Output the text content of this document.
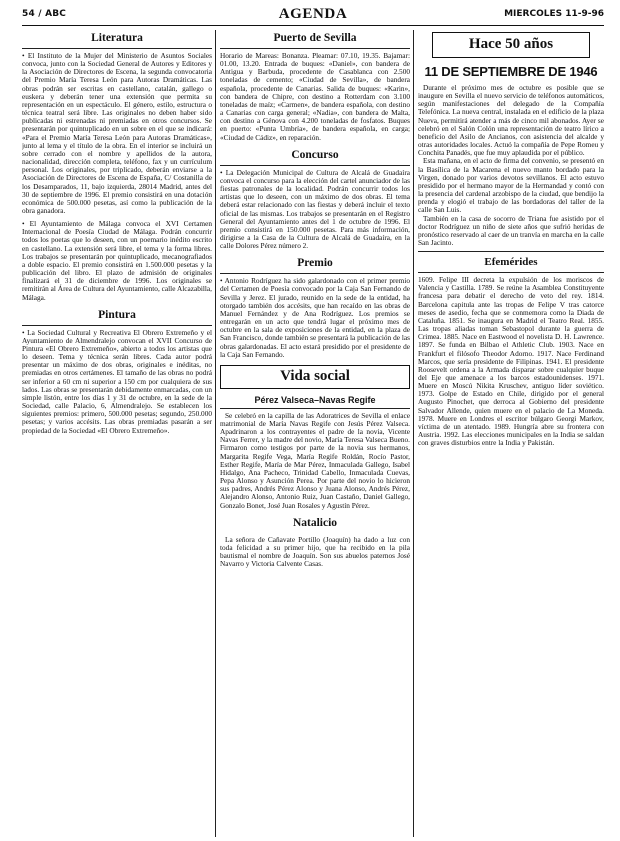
54 / ABC	AGENDA	MIERCOLES 11-9-96
Literatura

• El Instituto de la Mujer del Ministerio de Asuntos Sociales convoca, junto con la Sociedad General de Autores y Editores y la Asociación de Directores de Escena, la segunda convocatoria del Premio María Teresa León para Autoras Dramáticas. Las obras podrán ser escritas en castellano, catalán, gallego o euskera y deberán tener una extensión que permita su representación en un espectáculo. El género, estilo, estructura o técnica teatral será libre. Las originales no deben haber sido publicadas ni estrenadas ni premiadas en otros concursos. Se presentarán por quintuplicado en un sobre en el que se indicará: «Para el Premio María Teresa León para Autoras Dramáticas», junto al lema y el título de la obra. En el interior se incluirá un sobre cerrado con el nombre y apellidos de la autora, nacionalidad, dirección completa, teléfono, fax y un currículum personal. Los originales, por triplicado, deberán enviarse a la Asociación de Directores de Escena de España, C/ Costanilla de los Desamparados, 11, bajo izquierda, 28014 Madrid, antes del 30 de septiembre de 1996. El premio consistirá en una dotación económica de 500.000 pesetas, así como la publicación de la obra ganadora.

• El Ayuntamiento de Málaga convoca el XVI Certamen Internacional de Poesía Ciudad de Málaga. Podrán concurrir todos los poetas que lo deseen, con un poemario inédito escrito en castellano. La extensión será libre, el tema y la forma libres. Los trabajos se presentarán por quintuplicado, mecanografiados a doble espacio. El premio consistirá en 1.500.000 pesetas y la publicación del libro. El plazo de admisión de originales finalizará el 31 de diciembre de 1996. Los originales se remitirán al Área de Cultura del Ayuntamiento, calle Alcazabilla, Málaga.

Pintura

• La Sociedad Cultural y Recreativa El Obrero Extremeño y el Ayuntamiento de Almendralejo convocan el XVII Concurso de Pintura «El Obrero Extremeño», abierto a todos los artistas que lo deseen. Tema y técnica serán libres. Cada autor podrá presentar un máximo de dos obras, originales e inéditas, no premiadas en otros certámenes. El tamaño de las obras no podrá ser inferior a 60 cm ni superior a 150 cm por cualquiera de sus lados. Las obras se presentarán debidamente enmarcadas, con un simple listón, entre los días 1 y 31 de octubre, en la sede de la Sociedad, calle Palacio, 6, Almendralejo. Se establecen los siguientes premios: primero, 500.000 pesetas; segundo, 250.000 pesetas; y varios accésits. Las obras premiadas pasarán a ser propiedad de la Sociedad «El Obrero Extremeño».

Puerto de Sevilla

Horario de Mareas: Bonanza. Pleamar: 07.10, 19.35. Bajamar: 01.00, 13.20. Entrada de buques: «Daniel», con bandera de Antigua y Barbuda, procedente de Casablanca con 2.500 toneladas de cemento; «Ciudad de Sevilla», de bandera española, procedente de Canarias. Salida de buques: «Karin», con bandera de Chipre, con destino a Rotterdam con 3.100 toneladas de maíz; «Carmen», de bandera española, con destino a Canarias con carga general; «Nadia», con bandera de Malta, con destino a Génova con 4.200 toneladas de fosfatos. Buques en puerto: «Punta Umbría», de bandera española, en carga; «Ciudad de Cádiz», en reparación.

Concurso

• La Delegación Municipal de Cultura de Alcalá de Guadaíra convoca el concurso para la elección del cartel anunciador de las fiestas patronales de la localidad. Podrán concurrir todos los artistas que lo deseen, con un máximo de dos obras. El tema deberá estar relacionado con las fiestas y deberá incluir el texto oficial de las mismas. Los trabajos se presentarán en el Registro General del Ayuntamiento antes del 1 de octubre de 1996. El premio consistirá en 150.000 pesetas. Para más información, dirigirse a la Casa de la Cultura de Alcalá de Guadaíra, en la calle Dolores Pérez número 2.

Premio

• Antonio Rodríguez ha sido galardonado con el primer premio del Certamen de Poesía convocado por la Caja San Fernando de Sevilla y Jerez. El jurado, reunido en la sede de la entidad, ha otorgado también dos accésits, que han recaído en las obras de Manuel Fernández y de Ana Rodríguez. Los premios se entregarán en un acto que tendrá lugar el próximo mes de octubre en la sala de exposiciones de la entidad, en la plaza de San Francisco, donde también se presentará la publicación de las obras galardonadas. El acto estará presidido por el presidente de la Caja San Fernando.

Vida social
Pérez Valseca–Navas Regife

Se celebró en la capilla de las Adoratrices de Sevilla el enlace matrimonial de María Navas Regife con Jesús Pérez Valseca. Apadrinaron a los contrayentes el padre de la novia, Vicente Navas Ferrer, y la madre del novio, María Teresa Valseca Bueno. Firmaron como testigos por parte de la novia sus hermanos, Margarita Regife Vega, María Regife Roldán, Rocío Pastor, Esther Regife, María de Mar Pérez, Inmaculada Gallego, Isabel Hidalgo, Ana Pacheco, Trinidad Cabello, Inmaculada Cuevas, Pepa Alonso y Asunción Perea. Por parte del novio lo hicieron sus padres, Andrés Pérez Alonso y Juana Alonso, Andrés Pérez, Alejandro Alonso, Antonio Ruiz, Juan Castaño, Daniel Gallego, Gonzalo Bonet, José Juan Rosales y Agustín Pérez.

Natalicio

La señora de Cañavate Portillo (Joaquín) ha dado a luz con toda felicidad a su primer hijo, que ha recibido en la pila bautismal el nombre de Joaquín. Son sus abuelos paternos José Navarro y Victoria Calvente Casas.

Hace 50 años
11 DE SEPTIEMBRE DE 1946

Durante el próximo mes de octubre es posible que se inaugure en Sevilla el nuevo servicio de teléfonos automáticos, según manifestaciones del delegado de la Compañía Telefónica. La nueva central, instalada en el edificio de la plaza Nueva, permitirá atender a más de cinco mil abonados. Ayer se celebró en el Salón Colón una representación de teatro lírico a beneficio del Asilo de Ancianos, con asistencia del alcalde y otras autoridades locales. Actuó la compañía de Pepe Romeu y Conchita Panadés, que fue muy aplaudida por el público.

Esta mañana, en el acto de firma del convenio, se presentó en la Basílica de la Macarena el nuevo manto bordado para la Virgen, donado por varios devotos sevillanos. El acto estuvo presidido por el hermano mayor de la Hermandad y contó con la presencia del cardenal arzobispo de la ciudad, que bendijo la prenda y elogió el trabajo de las bordadoras del taller de la calle San Luis.

También en la casa de socorro de Triana fue asistido por el doctor Rodríguez un niño de siete años que sufrió heridas de pronóstico reservado al caer de un tranvía en marcha en la calle San Jacinto.

Efemérides

1609. Felipe III decreta la expulsión de los moriscos de Valencia y Castilla. 1789. Se reúne la Asamblea Constituyente francesa para debatir el derecho de veto del rey. 1814. Barcelona capitula ante las tropas de Felipe V tras catorce meses de asedio, fecha que se conmemora como la Diada de Cataluña. 1851. Se inaugura en Madrid el Teatro Real. 1855. Las tropas aliadas toman Sebastopol durante la guerra de Crimea. 1885. Nace en Eastwood el novelista D. H. Lawrence. 1897. Se funda en Bilbao el Athletic Club. 1903. Nace en Frankfurt el filósofo Theodor Adorno. 1917. Nace Ferdinand Marcos, que sería presidente de Filipinas. 1941. El presidente Roosevelt ordena a la Armada disparar sobre cualquier buque del Eje que amenace a los barcos estadounidenses. 1971. Muere en Moscú Nikita Kruschev, antiguo líder soviético. 1973. Golpe de Estado en Chile, dirigido por el general Augusto Pinochet, que derroca al Gobierno del presidente Salvador Allende, quien muere en el palacio de La Moneda. 1978. Muere en Londres el escritor búlgaro Georgi Markov, víctima de un atentado. 1989. Hungría abre su frontera con Austria. 1992. Las elecciones municipales en la India se saldan con graves disturbios entre la India y Pakistán.
